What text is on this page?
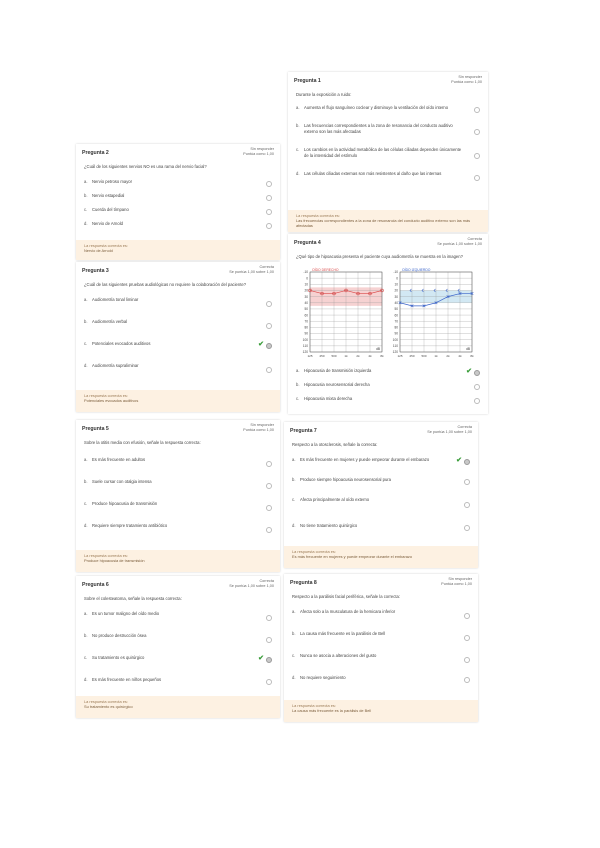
Pregunta 1
Sin responder
Puntúa como 1,00
Durante la exposición a ruido:
a.	Aumenta el flujo sanguíneo coclear y disminuye la ventilación del oído interno
b.	Las frecuencias correspondientes a la zona de resonancia del conducto auditivo externo son las más afectadas
c.	Los cambios en la actividad metabólica de las células ciliadas dependen únicamente de la intensidad del estímulo
d.	Las células ciliadas externas son más resistentes al daño que las internas
La respuesta correcta es:
Las frecuencias correspondientes a la zona de resonancia del conducto auditivo externo son las más afectadas
Pregunta 2
Sin responder
Puntúa como 1,00
¿Cuál de los siguientes nervios NO es una rama del nervio facial?
a.	Nervio petroso mayor
b.	Nervio estapedial
c.	Cuerda del tímpano
d.	Nervio de Arnold
La respuesta correcta es:
Nervio de Arnold
Pregunta 3
Correcta
Se puntúa 1,00 sobre 1,00
¿Cuál de las siguientes pruebas audiológicas no requiere la colaboración del paciente?
a.	Audiometría tonal liminar
b.	Audiometría verbal
c.	Potenciales evocados auditivos	✔
d.	Audiometría supraliminar
La respuesta correcta es:
Potenciales evocados auditivos
Pregunta 4
Correcta
Se puntúa 1,00 sobre 1,00
¿Qué tipo de hipoacusia presenta el paciente cuya audiometría se muestra en la imagen?
-10
0
10
20
30
40
50
60
70
80
90
100
110
120
125 250 500	1k	2k	4k	8k
OÍDO DERECHO
dB
-10
0
10
20
30
40
50
60
70
80
90
100
110
120
125 250 500	1k	2k	4k	8k
OÍDO IZQUIERDO
dB
a.	Hipoacusia de transmisión izquierda	✔
b.	Hipoacusia neurosensorial derecha
c.	Hipoacusia mixta derecha
Pregunta 5
Sin responder
Puntúa como 1,00
Sobre la otitis media con efusión, señale la respuesta correcta:
a.	Es más frecuente en adultos
b.	Suele cursar con otalgia intensa
c.	Produce hipoacusia de transmisión
d.	Requiere siempre tratamiento antibiótico
La respuesta correcta es:
Produce hipoacusia de transmisión
Pregunta 7
Correcta
Se puntúa 1,00 sobre 1,00
Respecto a la otosclerosis, señale la correcta:
a.	Es más frecuente en mujeres y puede empeorar durante el embarazo	✔
b.	Produce siempre hipoacusia neurosensorial pura
c.	Afecta principalmente al oído externo
d.	No tiene tratamiento quirúrgico
La respuesta correcta es:
Es más frecuente en mujeres y puede empeorar durante el embarazo
Pregunta 6
Correcta
Se puntúa 1,00 sobre 1,00
Sobre el colesteatoma, señale la respuesta correcta:
a.	Es un tumor maligno del oído medio
b.	No produce destrucción ósea
c.	Su tratamiento es quirúrgico	✔
d.	Es más frecuente en niños pequeños
La respuesta correcta es:
Su tratamiento es quirúrgico
Pregunta 8
Sin responder
Puntúa como 1,00
Respecto a la parálisis facial periférica, señale la correcta:
a.	Afecta solo a la musculatura de la hemicara inferior
b.	La causa más frecuente es la parálisis de Bell
c.	Nunca se asocia a alteraciones del gusto
d.	No requiere seguimiento
La respuesta correcta es:
La causa más frecuente es la parálisis de Bell
